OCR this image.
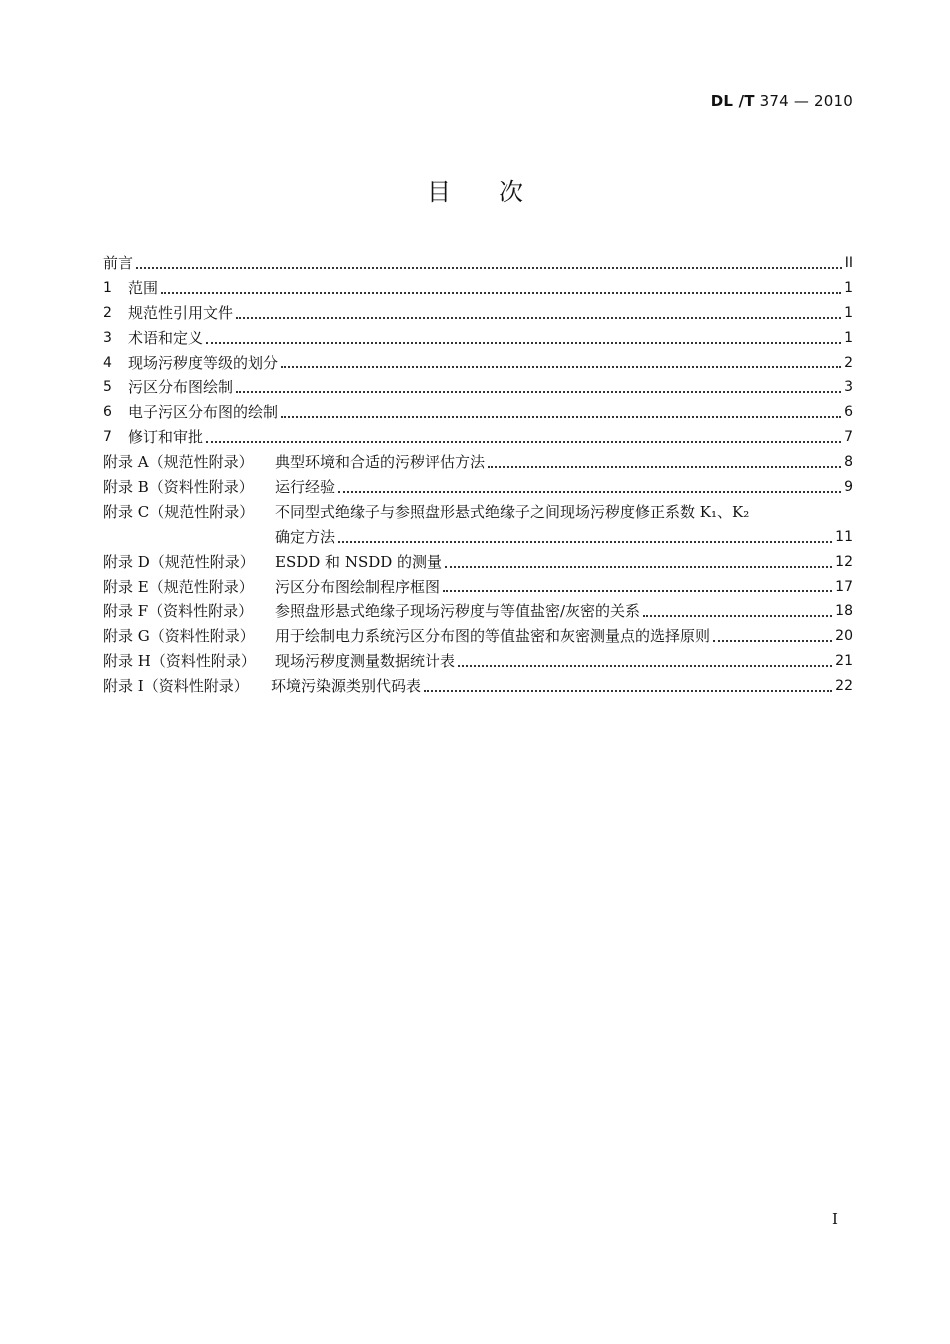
DL /T 374 — 2010
目次
前言	II
1	范围	1
2	规范性引用文件	1
3	术语和定义	1
4	现场污秽度等级的划分	2
5	污区分布图绘制	3
6	电子污区分布图的绘制	6
7	修订和审批	7
附录 A（规范性附录）	典型环境和合适的污秽评估方法	8
附录 B（资料性附录）	运行经验	9
附录 C（规范性附录）	不同型式绝缘子与参照盘形悬式绝缘子之间现场污秽度修正系数 K₁、K₂
确定方法	11
附录 D（规范性附录）	ESDD 和 NSDD 的测量	12
附录 E（规范性附录）	污区分布图绘制程序框图	17
附录 F（资料性附录）	参照盘形悬式绝缘子现场污秽度与等值盐密/灰密的关系	18
附录 G（资料性附录）	用于绘制电力系统污区分布图的等值盐密和灰密测量点的选择原则	20
附录 H（资料性附录）	现场污秽度测量数据统计表	21
附录 I（资料性附录）	环境污染源类别代码表	22
I
